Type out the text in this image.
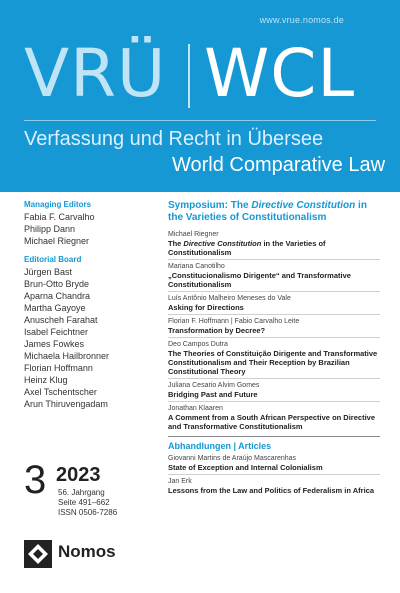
www.vrue.nomos.de
VRÜ WCL
Verfassung und Recht in Übersee
World Comparative Law
Managing Editors
Fabia F. Carvalho
Philipp Dann
Michael Riegner
Editorial Board
Jürgen Bast
Brun-Otto Bryde
Aparna Chandra
Martha Gayoye
Anuscheh Farahat
Isabel Feichtner
James Fowkes
Michaela Hailbronner
Florian Hoffmann
Heinz Klug
Axel Tschentscher
Arun Thiruvengadam
3 2023
56. Jahrgang
Seite 491–662
ISSN 0506-7286
Nomos
Symposium: The Directive Constitution in the Varieties of Constitutionalism
Michael Riegner
The Directive Constitution in the Varieties of Constitutionalism
Mariana Canotilho
„Constitucionalismo Dirigente“ and Transformative Constitutionalism
Luís Antônio Malheiro Meneses do Vale
Asking for Directions
Florian F. Hoffmann | Fabio Carvalho Leite
Transformation by Decree?
Deo Campos Dutra
The Theories of Constituição Dirigente and Transformative Constitutionalism and Their Reception by Brazilian Constitutional Theory
Juliana Cesario Alvim Gomes
Bridging Past and Future
Jonathan Klaaren
A Comment from a South African Perspective on Directive and Transformative Constitutionalism
Abhandlungen | Articles
Giovanni Martins de Araújo Mascarenhas
State of Exception and Internal Colonialism
Jan Erk
Lessons from the Law and Politics of Federalism in Africa
